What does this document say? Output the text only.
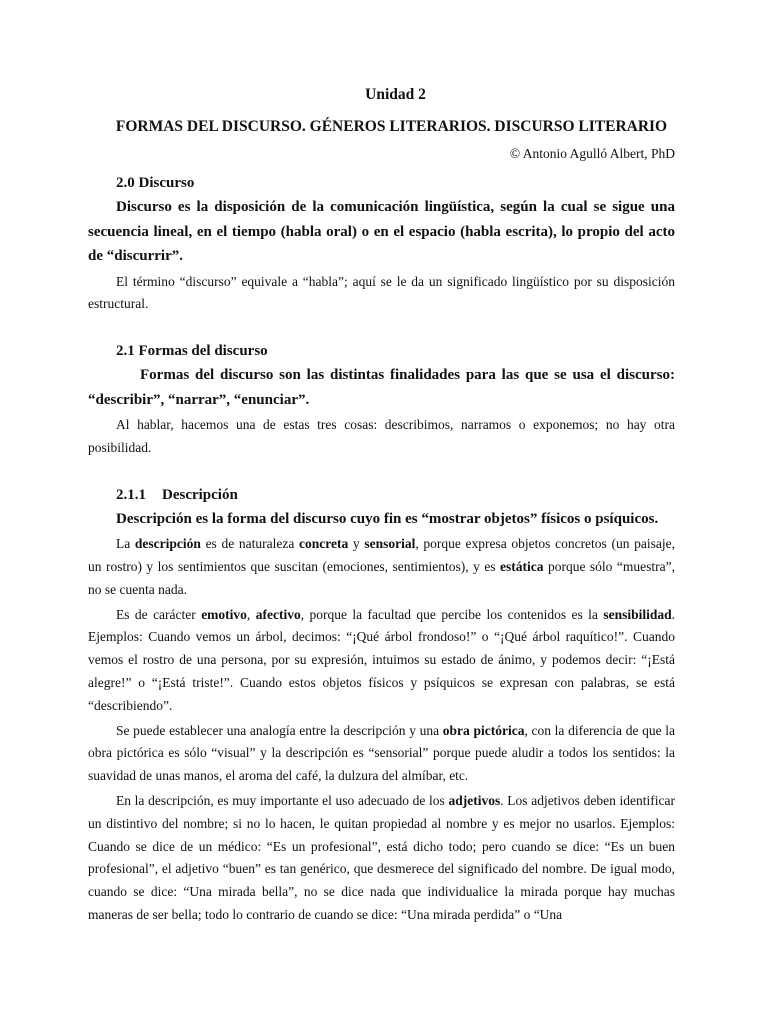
Unidad 2
FORMAS DEL DISCURSO. GÉNEROS LITERARIOS. DISCURSO LITERARIO
© Antonio Agulló Albert, PhD
2.0 Discurso
Discurso es la disposición de la comunicación lingüística, según la cual se sigue una secuencia lineal, en el tiempo (habla oral) o en el espacio (habla escrita), lo propio del acto de “discurrir”.
El término “discurso” equivale a “habla”; aquí se le da un significado lingüístico por su disposición estructural.
2.1 Formas del discurso
Formas del discurso son las distintas finalidades para las que se usa el discurso: “describir”, “narrar”, “enunciar”.
Al hablar, hacemos una de estas tres cosas: describimos, narramos o exponemos; no hay otra posibilidad.
2.1.1 Descripción
Descripción es la forma del discurso cuyo fin es “mostrar objetos” físicos o psíquicos.
La descripción es de naturaleza concreta y sensorial, porque expresa objetos concretos (un paisaje, un rostro) y los sentimientos que suscitan (emociones, sentimientos), y es estática porque sólo “muestra”, no se cuenta nada.
Es de carácter emotivo, afectivo, porque la facultad que percibe los contenidos es la sensibilidad. Ejemplos: Cuando vemos un árbol, decimos: “¡Qué árbol frondoso!” o “¡Qué árbol raquítico!”. Cuando vemos el rostro de una persona, por su expresión, intuimos su estado de ánimo, y podemos decir: “¡Está alegre!” o “¡Está triste!”. Cuando estos objetos físicos y psíquicos se expresan con palabras, se está “describiendo”.
Se puede establecer una analogía entre la descripción y una obra pictórica, con la diferencia de que la obra pictórica es sólo “visual” y la descripción es “sensorial” porque puede aludir a todos los sentidos: la suavidad de unas manos, el aroma del café, la dulzura del almíbar, etc.
En la descripción, es muy importante el uso adecuado de los adjetivos. Los adjetivos deben identificar un distintivo del nombre; si no lo hacen, le quitan propiedad al nombre y es mejor no usarlos. Ejemplos: Cuando se dice de un médico: “Es un profesional”, está dicho todo; pero cuando se dice: “Es un buen profesional”, el adjetivo “buen” es tan genérico, que desmerece del significado del nombre. De igual modo, cuando se dice: “Una mirada bella”, no se dice nada que individualice la mirada porque hay muchas maneras de ser bella; todo lo contrario de cuando se dice: “Una mirada perdida” o “Una
